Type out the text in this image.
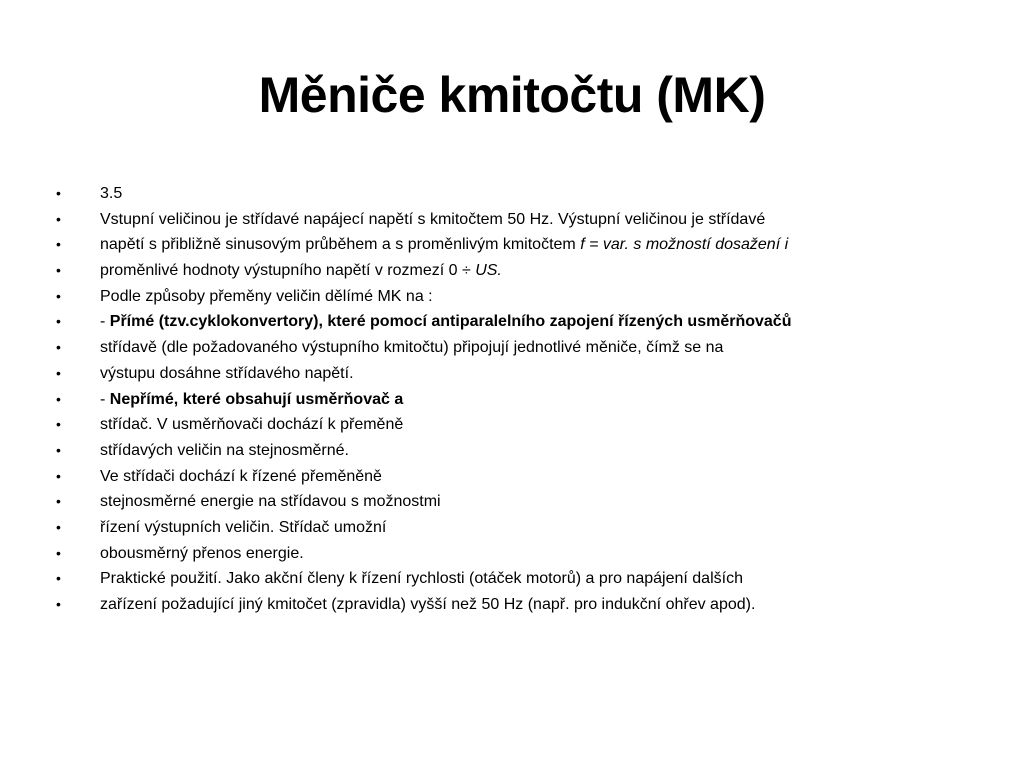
Měniče kmitočtu (MK)
•	3.5
•	Vstupní veličinou je střídavé napájecí napětí s kmitočtem 50 Hz. Výstupní veličinou je střídavé
•	napětí s přibližně sinusovým průběhem a s proměnlivým kmitočtem f = var. s možností dosažení i
•	proměnlivé hodnoty výstupního napětí v rozmezí 0 ÷ US.
•	Podle způsoby přeměny veličin dělímé MK na :
•	- Přímé (tzv.cyklokonvertory), které pomocí antiparalelního zapojení řízených usměrňovačů
•	střídavě (dle požadovaného výstupního kmitočtu) připojují jednotlivé měniče, čímž se na
•	výstupu dosáhne střídavého napětí.
•	- Nepřímé, které obsahují usměrňovač a
•	střídač. V usměrňovači dochází k přeměně
•	střídavých veličin na stejnosměrné.
•	Ve střídači dochází k řízené přeměněně
•	stejnosměrné energie na střídavou s možnostmi
•	řízení výstupních veličin. Střídač umožní
•	obousměrný přenos energie.
•	Praktické použití. Jako akční členy k řízení rychlosti (otáček motorů) a pro napájení dalších
•	zařízení požadující jiný kmitočet (zpravidla) vyšší než 50 Hz (např. pro indukční ohřev apod).
